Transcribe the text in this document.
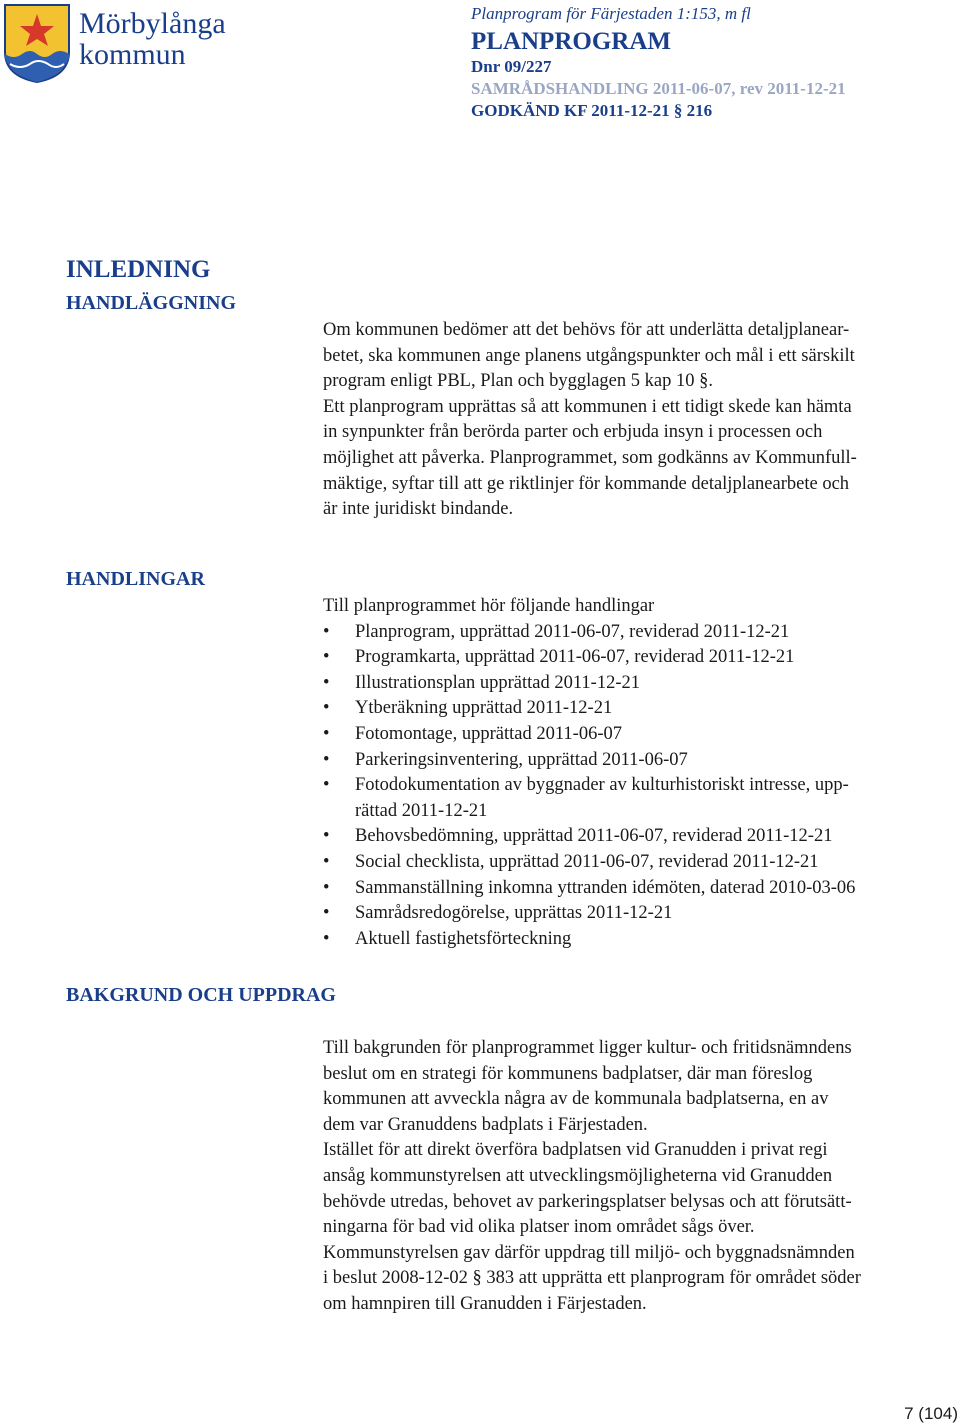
Mörbylånga
kommun
Planprogram för Färjestaden 1:153, m fl
PLANPROGRAM
Dnr 09/227
SAMRÅDSHANDLING 2011-06-07, rev 2011-12-21
GODKÄND KF 2011-12-21 § 216
INLEDNING
HANDLÄGGNING
HANDLINGAR
BAKGRUND OCH UPPDRAG

Om kommunen bedömer att det behövs för att underlätta detaljplanear-

betet, ska kommunen ange planens utgångspunkter och mål i ett särskilt

program enligt PBL, Plan och bygglagen 5 kap 10 §.

Ett planprogram upprättas så att kommunen i ett tidigt skede kan hämta

in synpunkter från berörda parter och erbjuda insyn i processen och

möjlighet att påverka. Planprogrammet, som godkänns av Kommunfull-

mäktige, syftar till att ge riktlinjer för kommande detaljplanearbete och

är inte juridiskt bindande.

Till planprogrammet hör följande handlingar

• Planprogram, upprättad 2011-06-07, reviderad 2011-12-21
• Programkarta, upprättad 2011-06-07, reviderad 2011-12-21
• Illustrationsplan upprättad 2011-12-21
• Ytberäkning upprättad 2011-12-21
• Fotomontage, upprättad 2011-06-07
• Parkeringsinventering, upprättad 2011-06-07
• Fotodokumentation av byggnader av kulturhistoriskt intresse, upp-
rättad 2011-12-21
• Behovsbedömning, upprättad 2011-06-07, reviderad 2011-12-21
• Social checklista, upprättad 2011-06-07, reviderad 2011-12-21
• Sammanställning inkomna yttranden idémöten, daterad 2010-03-06
• Samrådsredogörelse, upprättas 2011-12-21
• Aktuell fastighetsförteckning

Till bakgrunden för planprogrammet ligger kultur- och fritidsnämndens

beslut om en strategi för kommunens badplatser, där man föreslog

kommunen att avveckla några av de kommunala badplatserna, en av

dem var Granuddens badplats i Färjestaden.

Istället för att direkt överföra badplatsen vid Granudden i privat regi

ansåg kommunstyrelsen att utvecklingsmöjligheterna vid Granudden

behövde utredas, behovet av parkeringsplatser belysas och att förutsätt-

ningarna för bad vid olika platser inom området sågs över.

Kommunstyrelsen gav därför uppdrag till miljö- och byggnadsnämnden

i beslut 2008-12-02 § 383 att upprätta ett planprogram för området söder

om hamnpiren till Granudden i Färjestaden.

7 (104)
